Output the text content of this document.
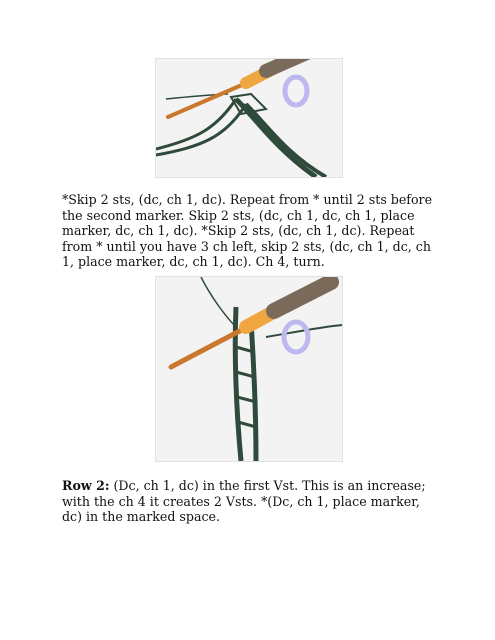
*Skip 2 sts, (dc, ch 1, dc). Repeat from * until 2 sts before the second marker. Skip 2 sts, (dc, ch 1, dc, ch 1, place marker, dc, ch 1, dc). *Skip 2 sts, (dc, ch 1, dc). Repeat from * until you have 3 ch left, skip 2 sts, (dc, ch 1, dc, ch 1, place marker, dc, ch 1, dc). Ch 4, turn.

Row 2: (Dc, ch 1, dc) in the first Vst. This is an increase; with the ch 4 it creates 2 Vsts. *(Dc, ch 1, place marker, dc) in the marked space.
